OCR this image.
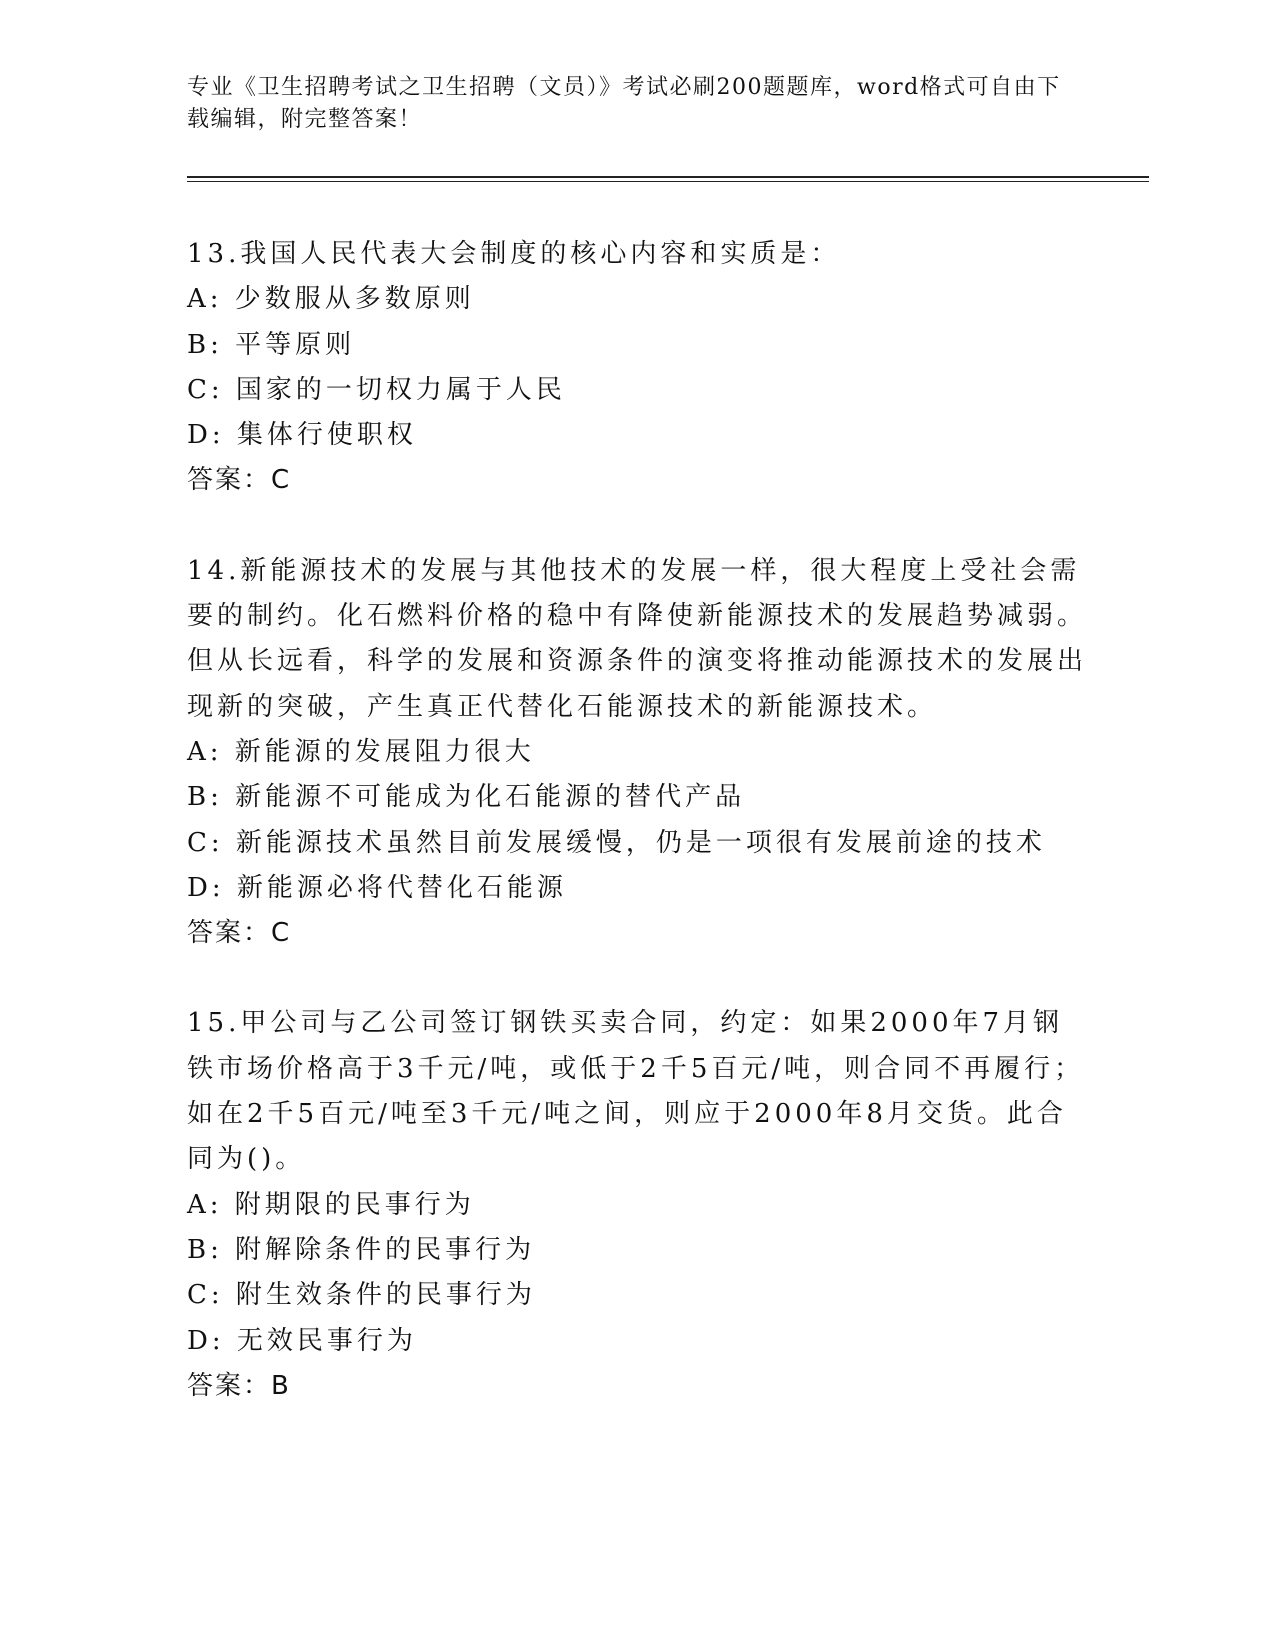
专业《卫生招聘考试之卫生招聘（文员）》考试必刷200题题库，word格式可自由下载编辑，附完整答案！

13.我国人民代表大会制度的核心内容和实质是：

A: 少数服从多数原则

B: 平等原则

C: 国家的一切权力属于人民

D: 集体行使职权

答案：C

14.新能源技术的发展与其他技术的发展一样，很大程度上受社会需要的制约。化石燃料价格的稳中有降使新能源技术的发展趋势减弱。但从长远看，科学的发展和资源条件的演变将推动能源技术的发展出现新的突破，产生真正代替化石能源技术的新能源技术。

A: 新能源的发展阻力很大

B: 新能源不可能成为化石能源的替代产品

C: 新能源技术虽然目前发展缓慢，仍是一项很有发展前途的技术

D: 新能源必将代替化石能源

答案：C

15.甲公司与乙公司签订钢铁买卖合同，约定：如果2000年7月钢铁市场价格高于3千元/吨，或低于2千5百元/吨，则合同不再履行；如在2千5百元/吨至3千元/吨之间，则应于2000年8月交货。此合同为()。

A: 附期限的民事行为

B: 附解除条件的民事行为

C: 附生效条件的民事行为

D: 无效民事行为

答案：B
